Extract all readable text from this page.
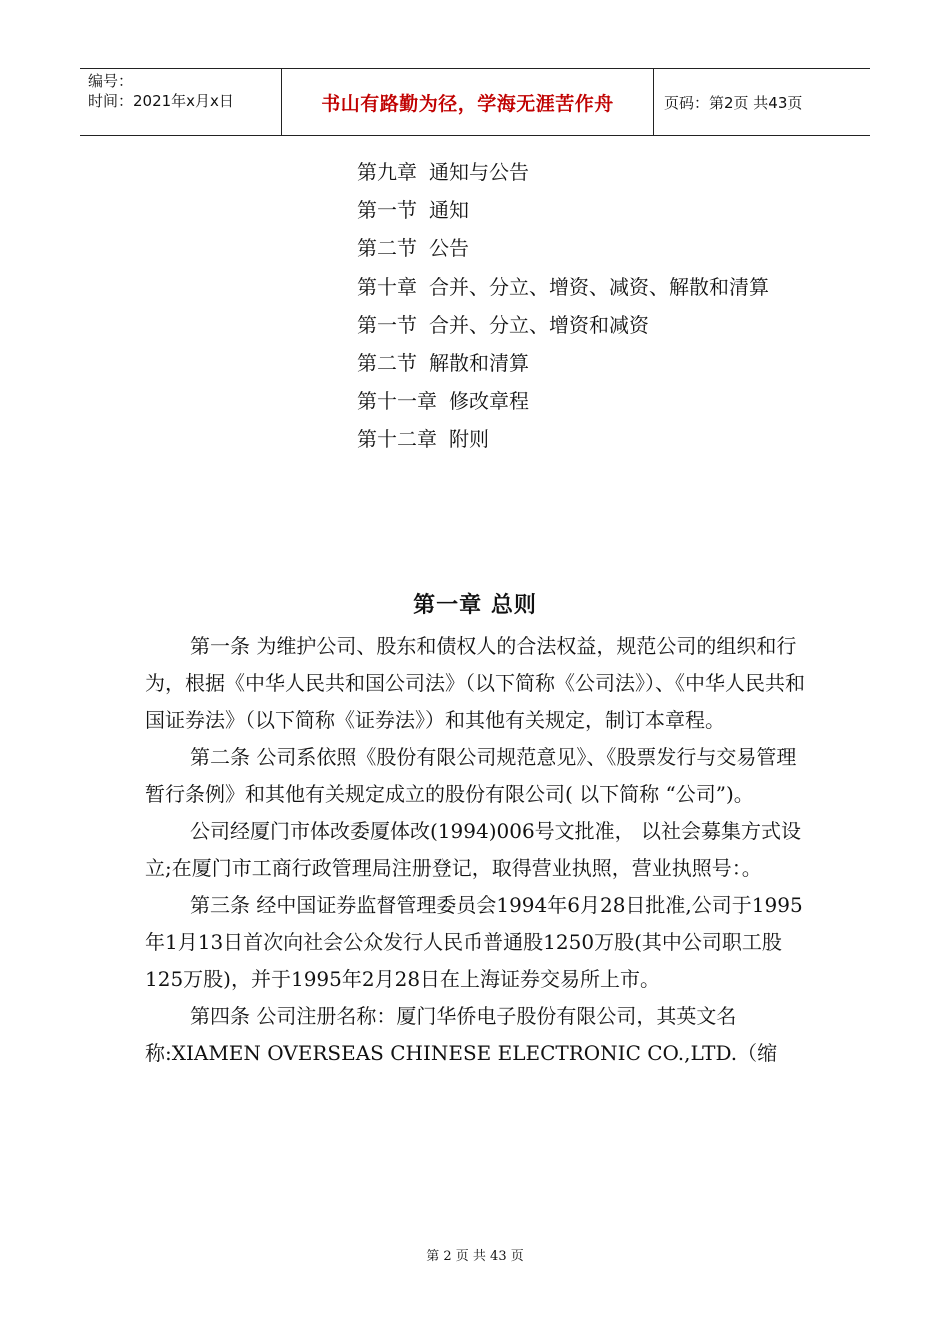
编号：
时间：2021年x月x日	书山有路勤为径，学海无涯苦作舟	页码：第2页 共43页
第九章 通知与公告
第一节 通知
第二节 公告
第十章 合并、分立、增资、减资、解散和清算
第一节 合并、分立、增资和减资
第二节 解散和清算
第十一章 修改章程
第十二章 附则
第一章 总则

第一条 为维护公司、股东和债权人的合法权益，规范公司的组织和行为，根据《中华人民共和国公司法》（以下简称《公司法》）、《中华人民共和国证券法》（以下简称《证券法》）和其他有关规定，制订本章程。

第二条 公司系依照《股份有限公司规范意见》、《股票发行与交易管理暂行条例》和其他有关规定成立的股份有限公司( 以下简称 “公司”)。

公司经厦门市体改委厦体改(1994)006号文批准， 以社会募集方式设立;在厦门市工商行政管理局注册登记，取得营业执照，营业执照号：。

第三条 经中国证券监督管理委员会1994年6月28日批准,公司于1995年1月13日首次向社会公众发行人民币普通股1250万股(其中公司职工股125万股)，并于1995年2月28日在上海证券交易所上市。

第四条 公司注册名称：厦门华侨电子股份有限公司，其英文名称:XIAMEN OVERSEAS CHINESE ELECTRONIC CO.,LTD.（缩

第 2 页 共 43 页
